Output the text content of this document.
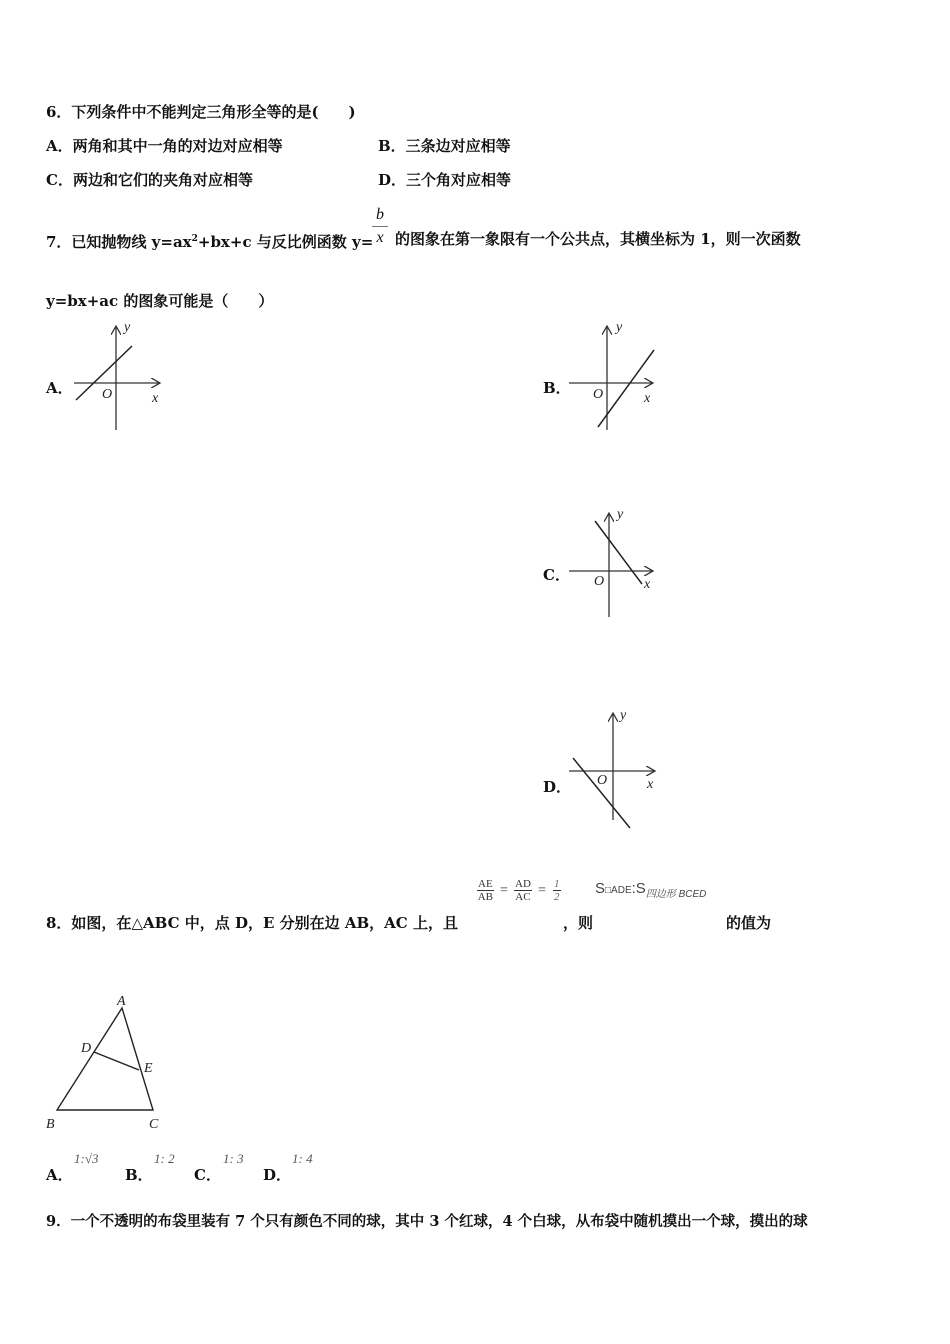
6．下列条件中不能判定三角形全等的是(　　)
A．两角和其中一角的对边对应相等	B．三条边对应相等
C．两边和它们的夹角对应相等	D．三个角对应相等
7．已知抛物线 $y=ax^2+bx+c$ 与反比例函数 y=
b
x 的图象在第一象限有一个公共点，其横坐标为 1，则一次函数
y=bx+ac 的图象可能是（　　）
A．
y
x
O	B．
y
x
O
C．
y
x
O
D．
y
x
O
$\frac{AE}{AB} = \frac{AD}{AC} = \frac{1}{2}$ $S□ADE:S_{四边形 BCED}$
8．如图，在△ABC 中，点 D，E 分别在边 AB，AC 上，且	，则	的值为
A
D
E
B	C
A．
1:√3
B．
1: 2
C．
1: 3
D．
1: 4
9．一个不透明的布袋里装有 7 个只有颜色不同的球，其中 3 个红球，4 个白球，从布袋中随机摸出一个球，摸出的球
